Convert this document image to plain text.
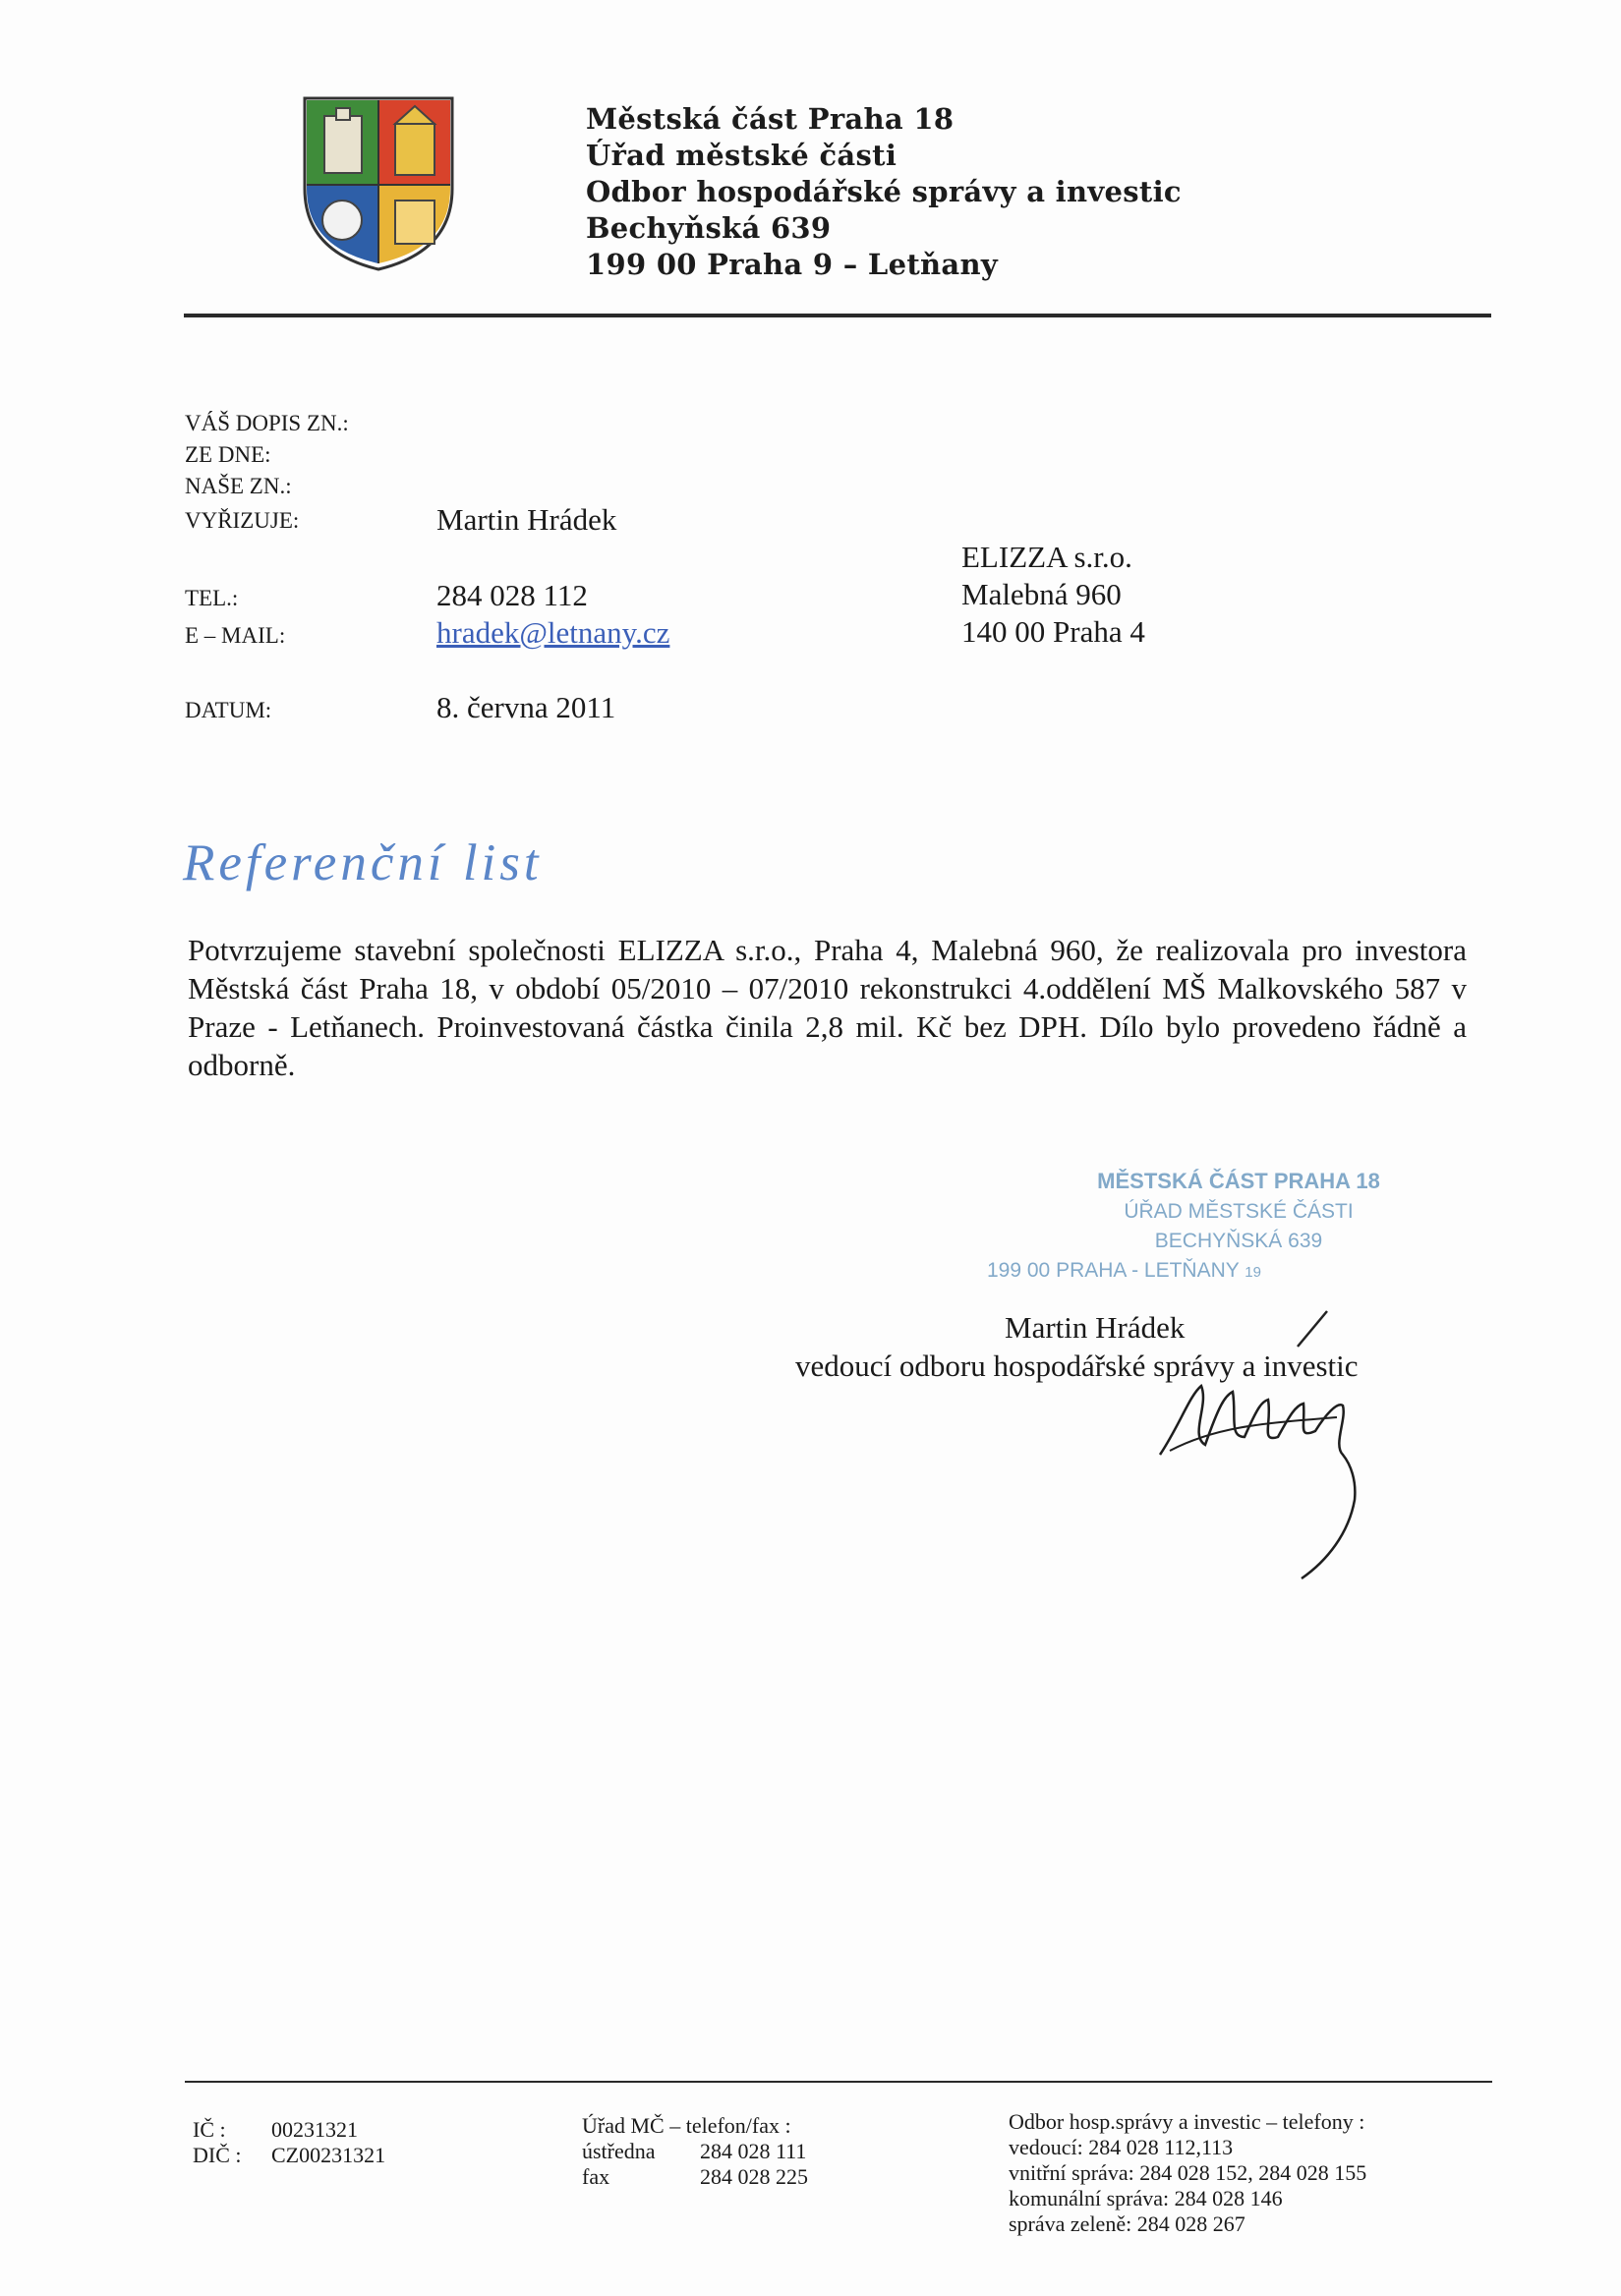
Městská část Praha 18
Úřad městské části
Odbor hospodářské správy a investic
Bechyňská 639
199 00 Praha 9 – Letňany
VÁŠ DOPIS ZN.:
ZE DNE:
NAŠE ZN.:
VYŘIZUJE:	Martin Hrádek
TEL.:	284 028 112
E – MAIL:	hradek@letnany.cz
DATUM:	8. června 2011
ELIZZA s.r.o.
Malebná 960
140 00 Praha 4
Referenční list
Potvrzujeme stavební společnosti ELIZZA s.r.o., Praha 4, Malebná 960, že realizovala pro investora Městská část Praha 18, v období 05/2010 – 07/2010 rekonstrukci 4.oddělení MŠ Malkovského 587 v Praze - Letňanech. Proinvestovaná částka činila 2,8 mil. Kč bez DPH. Dílo bylo provedeno řádně a odborně.
MĚSTSKÁ ČÁST PRAHA 18
ÚŘAD MĚSTSKÉ ČÁSTI
BECHYŇSKÁ 639
199 00 PRAHA - LETŇANY 19
Martin Hrádek
vedoucí odboru hospodářské správy a investic
IČ : 00231321
DIČ : CZ00231321
Úřad MČ – telefon/fax :
ústředna 284 028 111
fax	284 028 225
Odbor hosp.správy a investic – telefony :
vedoucí: 284 028 112,113
vnitřní správa: 284 028 152, 284 028 155
komunální správa: 284 028 146
správa zeleně: 284 028 267
